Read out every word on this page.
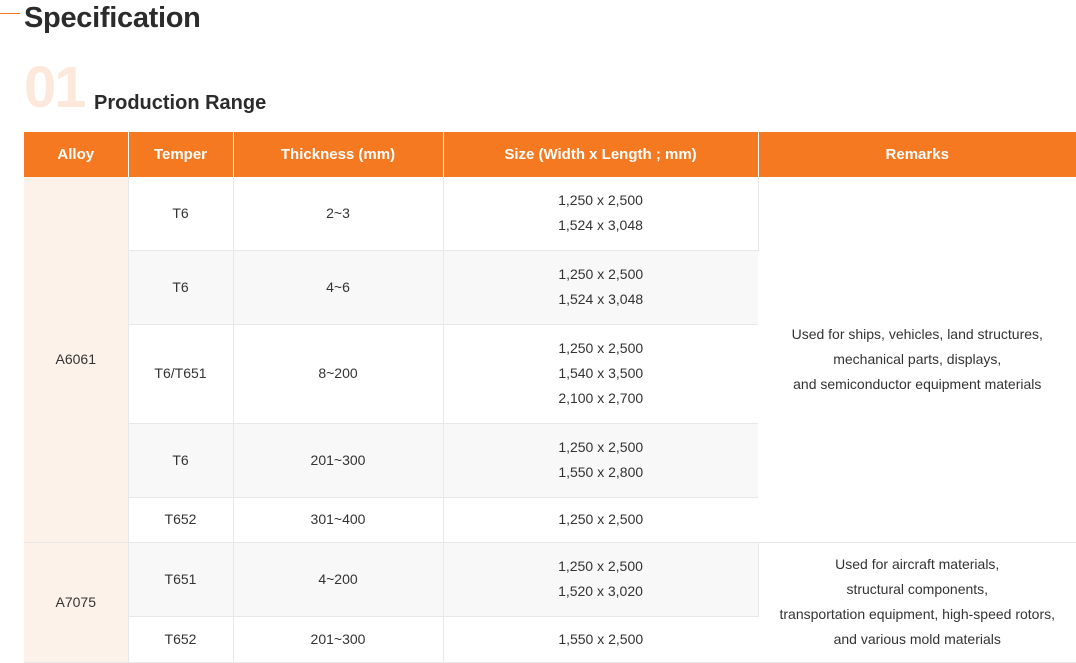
Specification
01 Production Range
Alloy	Temper	Thickness (mm)	Size (Width x Length ; mm)	Remarks
A6061	T6	2~3	1,250 x 2,500
1,524 x 3,048	Used for ships, vehicles, land structures,
mechanical parts, displays,
and semiconductor equipment materials

	T6	4~6	1,250 x 2,500
1,524 x 3,048	

	T6/T651	8~200	1,250 x 2,500
1,540 x 3,500
2,100 x 2,700	

	T6	201~300	1,250 x 2,500
1,550 x 2,800	

	T652	301~400	1,250 x 2,500	

A7075	T651	4~200	1,250 x 2,500
1,520 x 3,020	Used for aircraft materials,
structural components,
transportation equipment, high-speed rotors,
and various mold materials

	T652	201~300	1,550 x 2,500	
